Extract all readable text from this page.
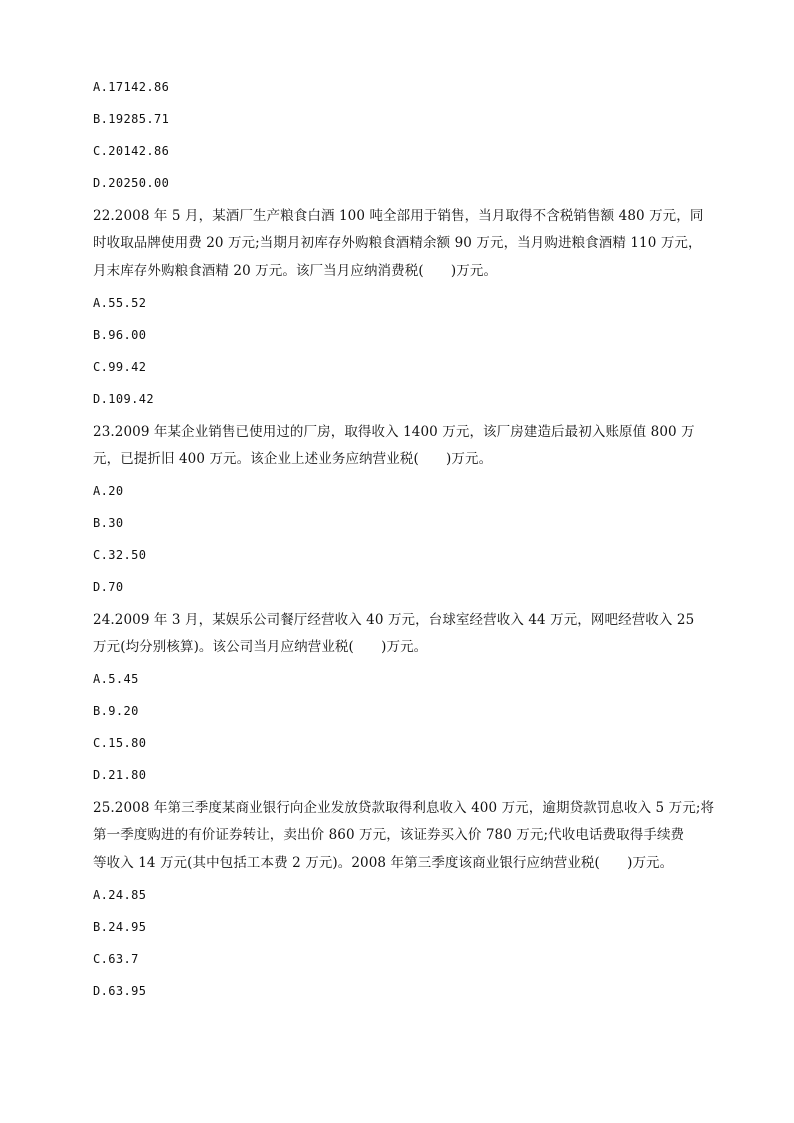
A.17142.86
B.19285.71
C.20142.86
D.20250.00
22.2008 年 5 月，某酒厂生产粮食白酒 100 吨全部用于销售，当月取得不含税销售额 480 万元，同
时收取品牌使用费 20 万元;当期月初库存外购粮食酒精余额 90 万元，当月购进粮食酒精 110 万元，
月末库存外购粮食酒精 20 万元。该厂当月应纳消费税(　　)万元。
A.55.52
B.96.00
C.99.42
D.109.42
23.2009 年某企业销售已使用过的厂房，取得收入 1400 万元，该厂房建造后最初入账原值 800 万
元，已提折旧 400 万元。该企业上述业务应纳营业税(　　)万元。
A.20
B.30
C.32.50
D.70
24.2009 年 3 月，某娱乐公司餐厅经营收入 40 万元，台球室经营收入 44 万元，网吧经营收入 25
万元(均分别核算)。该公司当月应纳营业税(　　)万元。
A.5.45
B.9.20
C.15.80
D.21.80
25.2008 年第三季度某商业银行向企业发放贷款取得利息收入 400 万元，逾期贷款罚息收入 5 万元;将
第一季度购进的有价证券转让，卖出价 860 万元，该证券买入价 780 万元;代收电话费取得手续费
等收入 14 万元(其中包括工本费 2 万元)。2008 年第三季度该商业银行应纳营业税(　　)万元。
A.24.85
B.24.95
C.63.7
D.63.95
